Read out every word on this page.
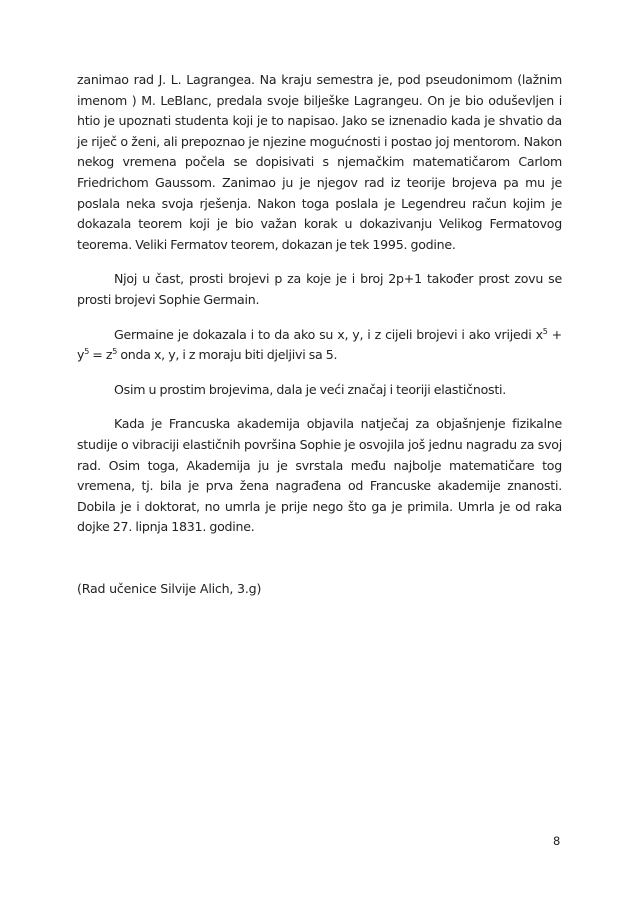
zanimao rad J. L. Lagrangea. Na kraju semestra je, pod pseudonimom (lažnim imenom ) M. LeBlanc, predala svoje bilješke Lagrangeu. On je bio oduševljen i htio je upoznati studenta koji je to napisao. Jako se iznenadio kada je shvatio da je riječ o ženi, ali prepoznao je njezine mogućnosti i postao joj mentorom. Nakon nekog vremena počela se dopisivati s njemačkim matematičarom Carlom Friedrichom Gaussom. Zanimao ju je njegov rad iz teorije brojeva pa mu je poslala neka svoja rješenja. Nakon toga poslala je Legendreu račun kojim je dokazala teorem koji je bio važan korak u dokazivanju Velikog Fermatovog teorema. Veliki Fermatov teorem, dokazan je tek 1995. godine.

Njoj u čast, prosti brojevi p za koje je i broj 2p+1 također prost zovu se prosti brojevi Sophie Germain.

Germaine je dokazala i to da ako su x, y, i z cijeli brojevi i ako vrijedi $x^5 + y^5 = z^5$ onda x, y, i z moraju biti djeljivi sa 5.

Osim u prostim brojevima, dala je veći značaj i teoriji elastičnosti.

Kada je Francuska akademija objavila natječaj za objašnjenje fizikalne studije o vibraciji elastičnih površina Sophie je osvojila još jednu nagradu za svoj rad. Osim toga, Akademija ju je svrstala među najbolje matematičare tog vremena, tj. bila je prva žena nagrađena od Francuske akademije znanosti. Dobila je i doktorat, no umrla je prije nego što ga je primila. Umrla je od raka dojke 27. lipnja 1831. godine.

(Rad učenice Silvije Alich, 3.g)

8
